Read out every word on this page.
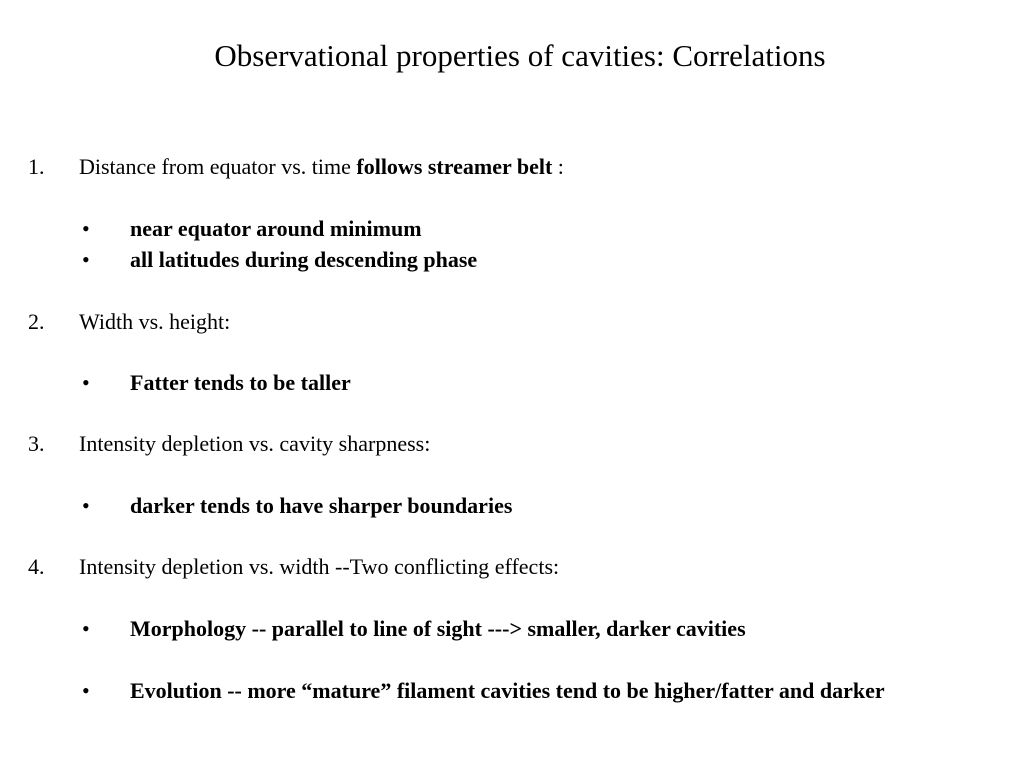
Observational properties of cavities: Correlations
1. Distance from equator vs. time follows streamer belt :
• near equator around minimum
• all latitudes during descending phase
2. Width vs. height:
• Fatter tends to be taller
3. Intensity depletion vs. cavity sharpness:
• darker tends to have sharper boundaries
4. Intensity depletion vs. width --Two conflicting effects:
• Morphology -- parallel to line of sight ---> smaller, darker cavities
• Evolution -- more “mature” filament cavities tend to be higher/fatter and darker
